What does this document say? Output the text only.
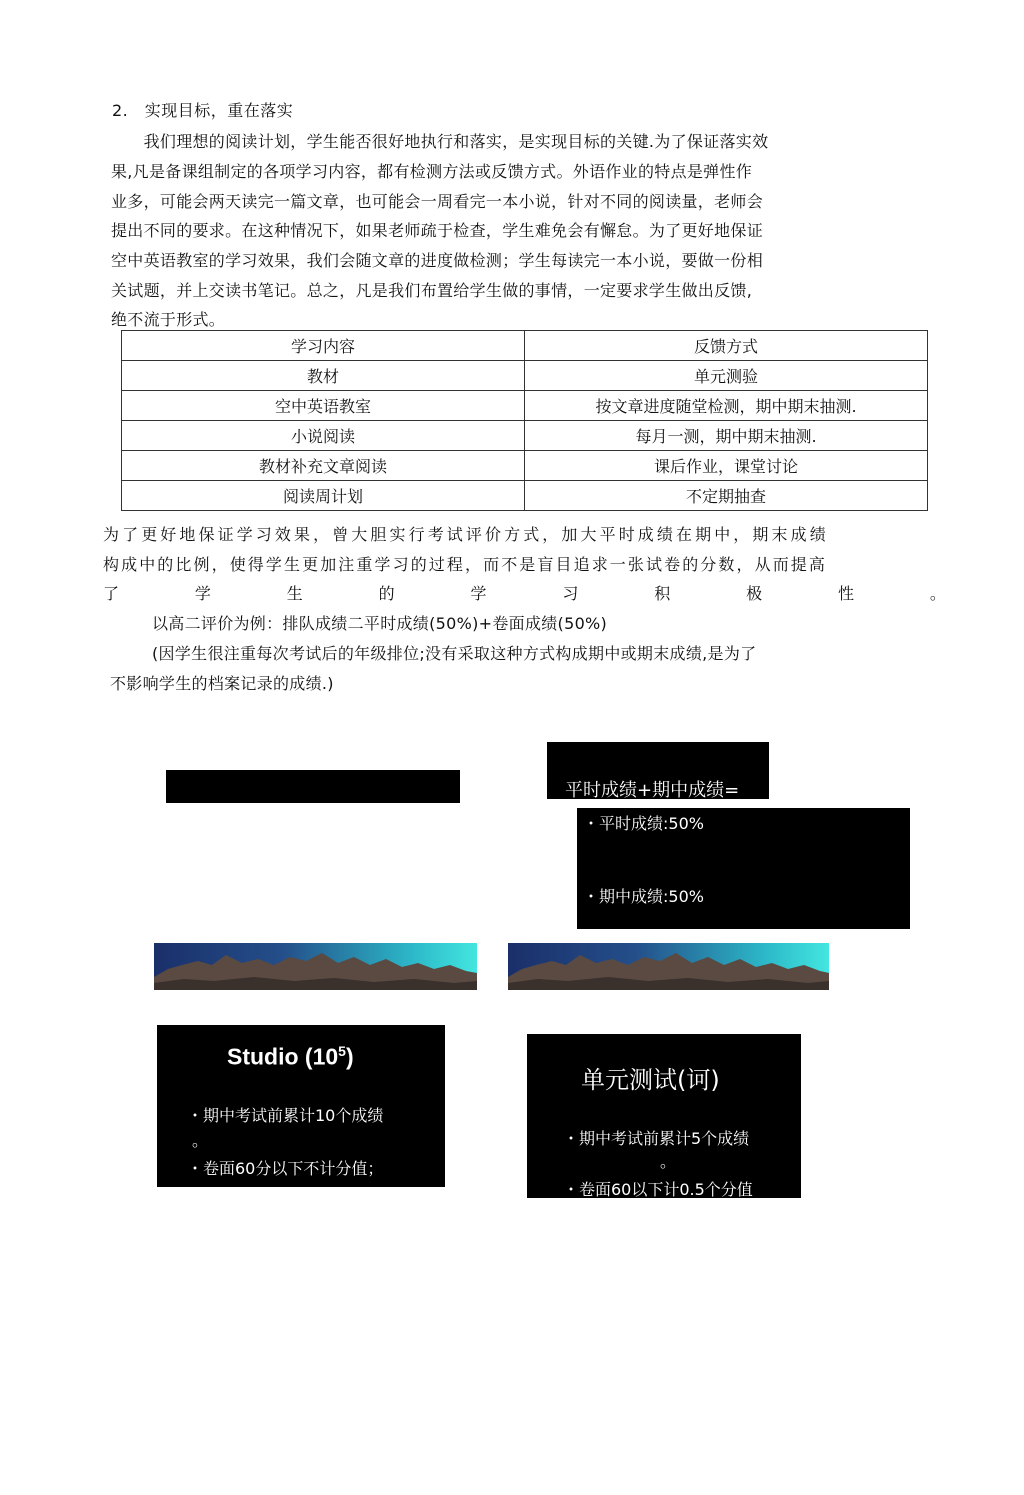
2.　实现目标，重在落实
　　我们理想的阅读计划，学生能否很好地执行和落实，是实现目标的关键.为了保证落实效
果,凡是备课组制定的各项学习内容，都有检测方法或反馈方式。外语作业的特点是弹性作
业多，可能会两天读完一篇文章，也可能会一周看完一本小说，针对不同的阅读量，老师会
提出不同的要求。在这种情况下，如果老师疏于检查，学生难免会有懈怠。为了更好地保证
空中英语教室的学习效果，我们会随文章的进度做检测；学生每读完一本小说，要做一份相
关试题，并上交读书笔记。总之，凡是我们布置给学生做的事情，一定要求学生做出反馈,
绝不流于形式。
学习内容	反馈方式
教材	单元测验
空中英语教室	按文章进度随堂检测，期中期末抽测.
小说阅读	每月一测，期中期末抽测.
教材补充文章阅读	课后作业，课堂讨论
阅读周计划	不定期抽查
为了更好地保证学习效果，曾大胆实行考试评价方式，加大平时成绩在期中，期末成绩
构成中的比例，使得学生更加注重学习的过程，而不是盲目追求一张试卷的分数，从而提高
了	学	生	的	学	习	积	极	性	。
以高二评价为例：排队成绩二平时成绩(50%)+卷面成绩(50%)
(因学生很注重每次考试后的年级排位;没有采取这种方式构成期中或期末成绩,是为了
不影响学生的档案记录的成绩.)
平时成绩+期中成绩=
・平时成绩:50%
・期中成绩:50%
Studio $(10^5)$
・期中考试前累计10个成绩
。
・卷面60分以下不计分值；
单元测试(诃)
・期中考试前累计5个成绩
。
・卷面60以下计0.5个分值
